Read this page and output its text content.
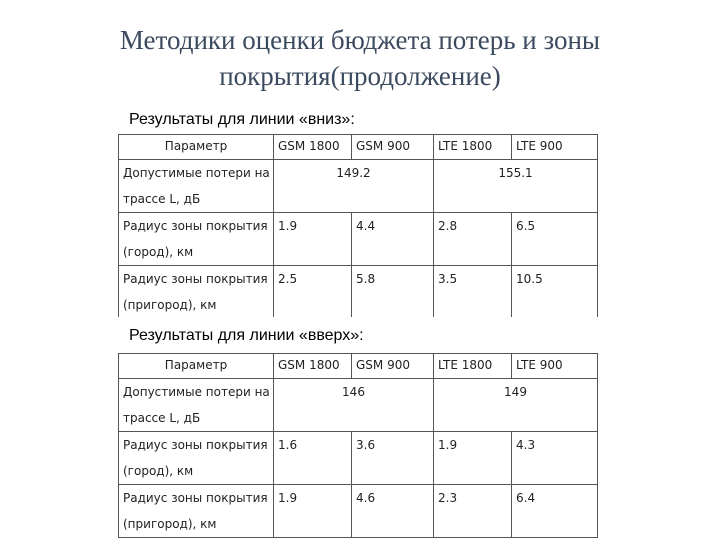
Методики оценки бюджета потерь и зоны
покрытия(продолжение)
Результаты для линии «вниз»:
Параметр	GSM 1800	GSM 900	LTE 1800	LTE 900

Допустимые потери на
трассе L, дБ	149.2		155.1	

Радиус зоны покрытия
(город), км	1.9	4.4	2.8	6.5

Радиус зоны покрытия
(пригород), км	2.5	5.8	3.5	10.5
Результаты для линии «вверх»:
Параметр	GSM 1800	GSM 900	LTE 1800	LTE 900

Допустимые потери на
трассе L, дБ	146		149	

Радиус зоны покрытия
(город), км	1.6	3.6	1.9	4.3

Радиус зоны покрытия
(пригород), км	1.9	4.6	2.3	6.4
